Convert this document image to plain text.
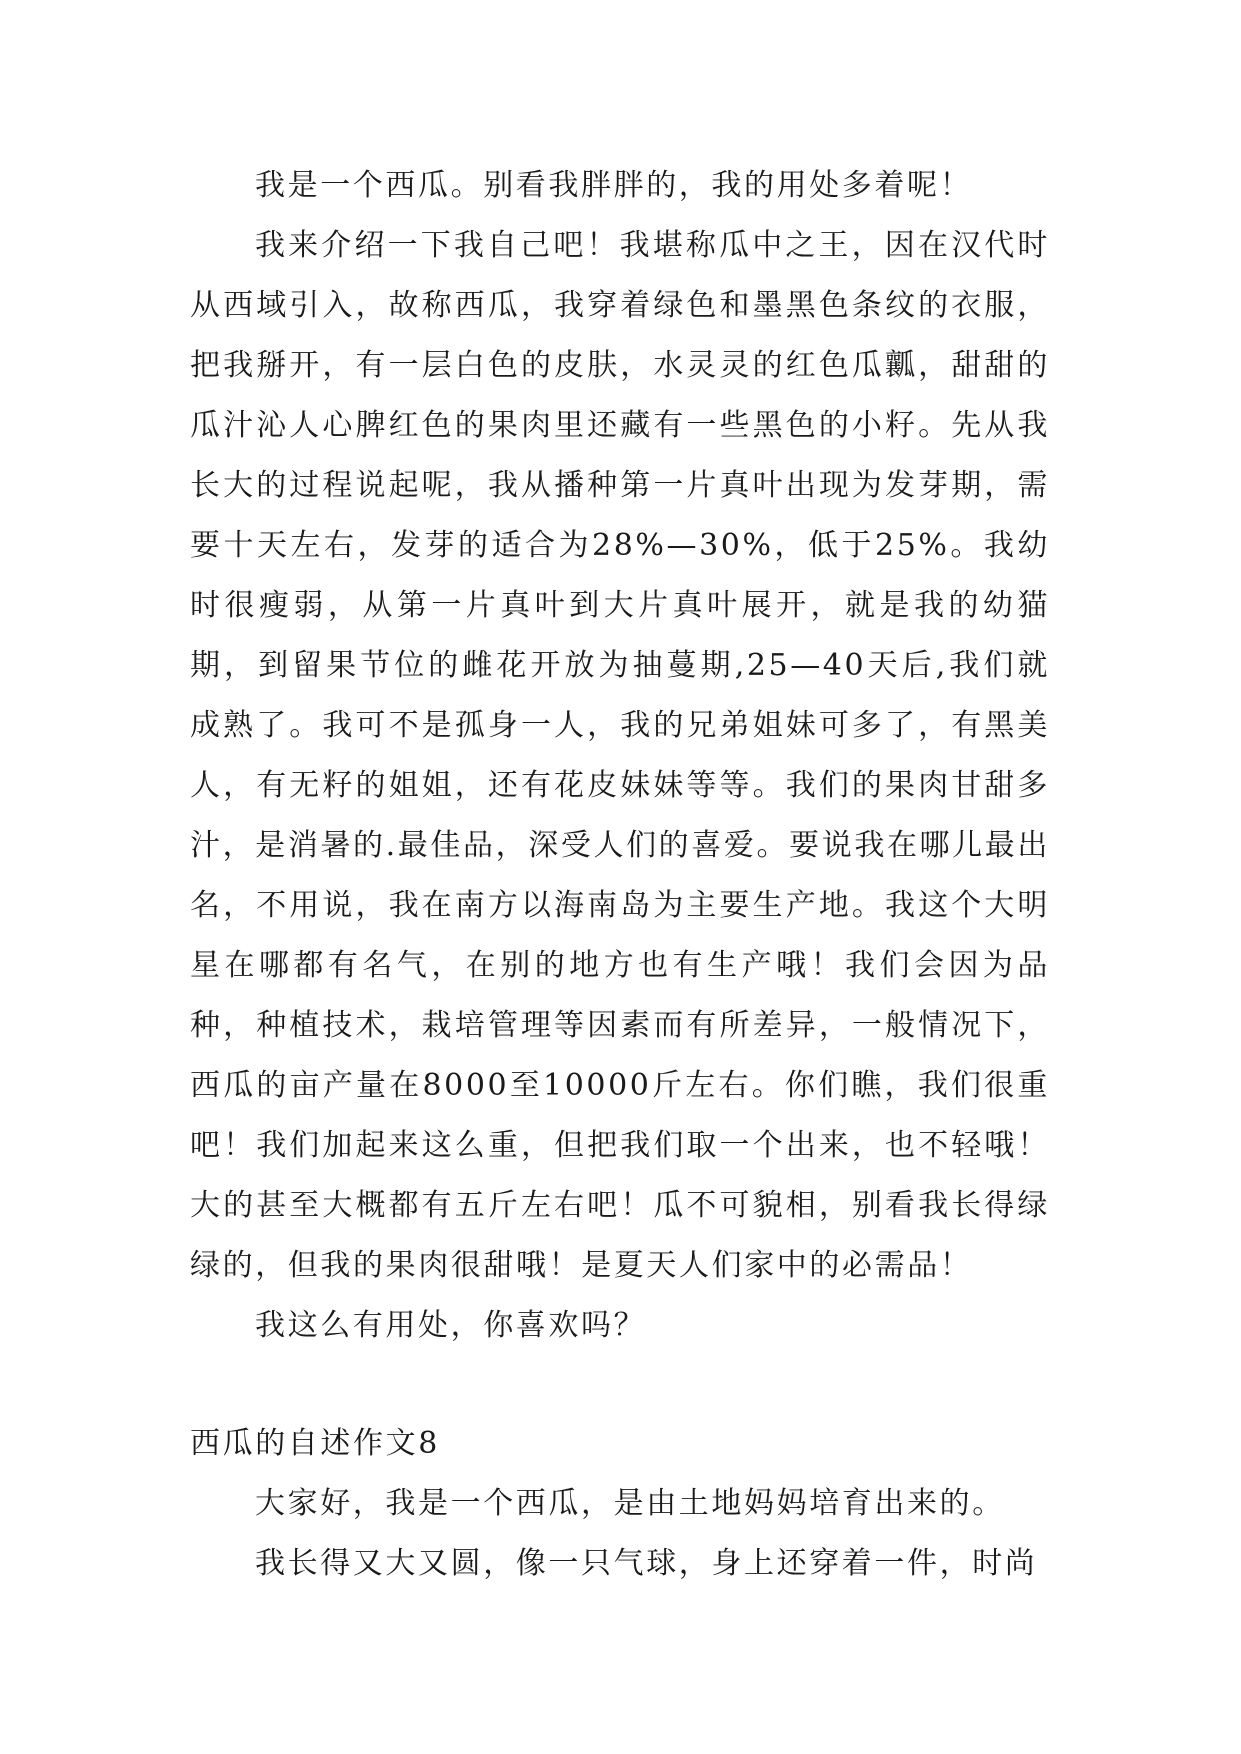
我是一个西瓜。别看我胖胖的，我的用处多着呢！

我来介绍一下我自己吧！我堪称瓜中之王，因在汉代时从西域引入，故称西瓜，我穿着绿色和墨黑色条纹的衣服，把我掰开，有一层白色的皮肤，水灵灵的红色瓜瓤，甜甜的瓜汁沁人心脾红色的果肉里还藏有一些黑色的小籽。先从我长大的过程说起呢，我从播种第一片真叶出现为发芽期，需要十天左右，发芽的适合为28%—30%，低于25%。我幼时很瘦弱，从第一片真叶到大片真叶展开，就是我的幼猫期，到留果节位的雌花开放为抽蔓期,25—40天后,我们就成熟了。我可不是孤身一人，我的兄弟姐妹可多了，有黑美人，有无籽的姐姐，还有花皮妹妹等等。我们的果肉甘甜多汁，是消暑的.最佳品，深受人们的喜爱。要说我在哪儿最出名，不用说，我在南方以海南岛为主要生产地。我这个大明星在哪都有名气，在别的地方也有生产哦！我们会因为品种，种植技术，栽培管理等因素而有所差异，一般情况下，西瓜的亩产量在8000至10000斤左右。你们瞧，我们很重吧！我们加起来这么重，但把我们取一个出来，也不轻哦！大的甚至大概都有五斤左右吧！瓜不可貌相，别看我长得绿绿的，但我的果肉很甜哦！是夏天人们家中的必需品！

我这么有用处，你喜欢吗？

西瓜的自述作文8

大家好，我是一个西瓜，是由土地妈妈培育出来的。

我长得又大又圆，像一只气球，身上还穿着一件，时尚
